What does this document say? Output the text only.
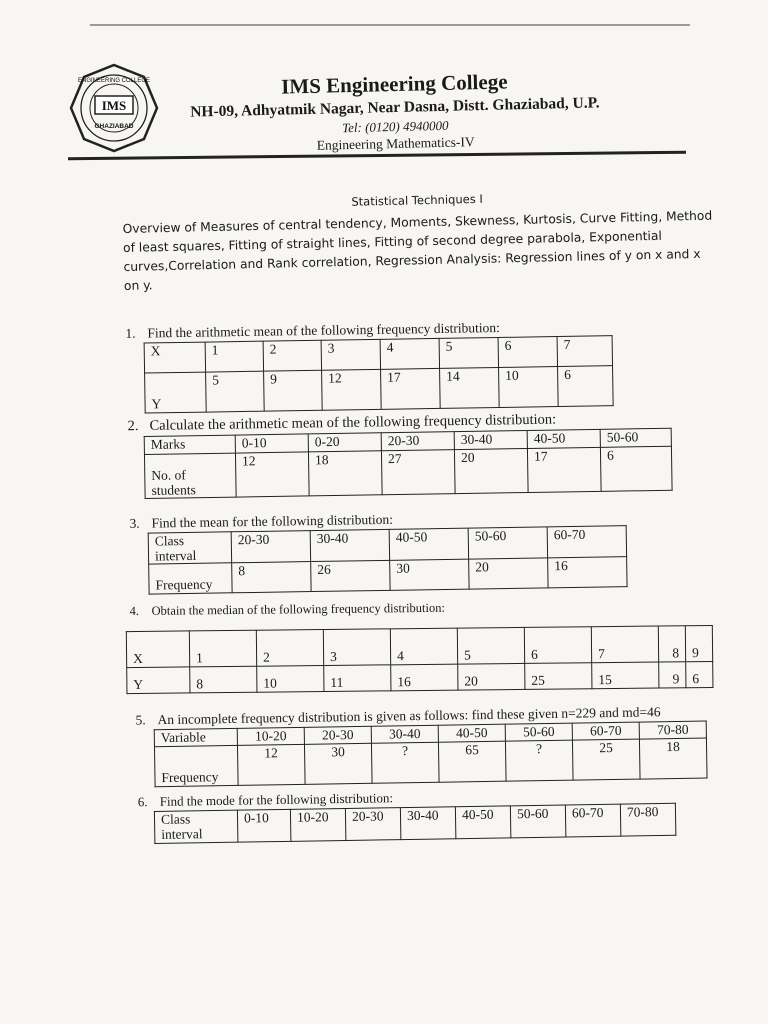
IMS
ENGINEERING COLLEGE
GHAZIABAD
IMS Engineering College
NH-09, Adhyatmik Nagar, Near Dasna, Distt. Ghaziabad, U.P.
Tel: (0120) 4940000
Engineering Mathematics-IV
Statistical Techniques I
Overview of Measures of central tendency, Moments, Skewness, Kurtosis, Curve Fitting, Method of least squares, Fitting of straight lines, Fitting of second degree parabola, Exponential curves,Correlation and Rank correlation, Regression Analysis: Regression lines of y on x and x on y.
1. Find the arithmetic mean of the following frequency distribution:
X	1	2	3	4	5	6	7
Y	5	9	12	17	14	10	6
2. Calculate the arithmetic mean of the following frequency distribution:
Marks	0-10	0-20	20-30	30-40	40-50	50-60
No. of students	12	18	27	20	17	6
3. Find the mean for the following distribution:
Class interval	20-30	30-40	40-50	50-60	60-70
Frequency	8	26	30	20	16
4. Obtain the median of the following frequency distribution:
X	1	2	3	4	5	6	7	8	9
Y	8	10	11	16	20	25	15	9	6
5. An incomplete frequency distribution is given as follows: find these given n=229 and md=46
Variable	10-20	20-30	30-40	40-50	50-60	60-70	70-80
Frequency	12	30	?	65	?	25	18
6. Find the mode for the following distribution:
Class interval	0-10	10-20	20-30	30-40	40-50	50-60	60-70	70-80
